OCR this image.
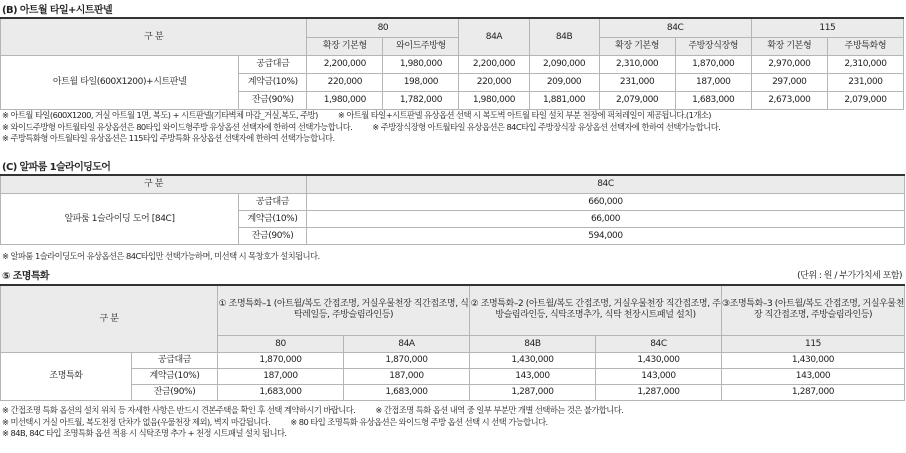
(B) 아트월 타일+시트판넬
구 분		80		84A	84B	84C		115	
		확장 기본형	와이드주방형			확장 기본형	주방장식장형	확장 기본형	주방특화형
아트월 타일(600X1200)+시트판넬	공급대금	2,200,000	1,980,000	2,200,000	2,090,000	2,310,000	1,870,000	2,970,000	2,310,000
	계약금(10%)	220,000	198,000	220,000	209,000	231,000	187,000	297,000	231,000
	잔금(90%)	1,980,000	1,782,000	1,980,000	1,881,000	2,079,000	1,683,000	2,673,000	2,079,000
※ 아트월 타일(600X1200, 거실 아트월 1면, 복도) + 시트판넬(기타벽체 마감_거실,복도, 주방) ※ 아트월 타일+시트판넬 유상옵션 선택 시 복도벽 아트월 타일 설치 부분 천장에 픽쳐레일이 제공됩니다.(1개소)
※ 와이드주방형 아트월타일 유상옵션은 80타입 와이드형주방 유상옵션 선택자에 한하여 선택가능합니다. ※ 주방장식장형 아트월타일 유상옵션은 84C타입 주방장식장 유상옵션 선택자에 한하여 선택가능합니다.
※ 주방특화형 아트월타일 유상옵션은 115타입 주방특화 유상옵션 선택자에 한하여 선택가능합니다.
(C) 알파룸 1슬라이딩도어
구 분		84C
알파룸 1슬라이딩 도어 [84C]	공급대금	660,000
	계약금(10%)	66,000
	잔금(90%)	594,000
※ 알파룸 1슬라이딩도어 유상옵션은 84C타입만 선택가능하며, 미선택 시 목창호가 설치됩니다.
⑤ 조명특화	(단위 : 원 / 부가가치세 포함)
구 분		① 조명특화–1 (아트월/복도 간접조명, 거실우물천장 직간접조명, 식탁레일등, 주방슬림라인등)		② 조명특화–2 (아트월/복도 간접조명, 거실우물천장 직간접조명, 주방슬림라인등, 식탁조명추가, 식탁 천장시트패널 설치)		③조명특화–3 (아트월/복도 간접조명, 거실우물천장 직간접조명, 주방슬림라인등)
		80	84A	84B	84C	115
조명특화	공급대금	1,870,000	1,870,000	1,430,000	1,430,000	1,430,000
	계약금(10%)	187,000	187,000	143,000	143,000	143,000
	잔금(90%)	1,683,000	1,683,000	1,287,000	1,287,000	1,287,000
※ 간접조명 특화 옵션의 설치 위치 등 자세한 사항은 반드시 견본주택을 확인 후 선택 계약하시기 바랍니다. ※ 간접조명 특화 옵션 내역 중 일부 부분만 개별 선택하는 것은 불가합니다.
※ 미선택시 거실 아트월, 복도천정 단차가 없음(우물천장 제외), 벽지 마감됩니다. ※ 80 타입 조명특화 유상옵션은 와이드형 주방 옵션 선택 시 선택 가능합니다.
※ 84B, 84C 타입 조명특화 옵션 적용 시 식탁조명 추가 + 천정 시트패널 설치 됩니다.
